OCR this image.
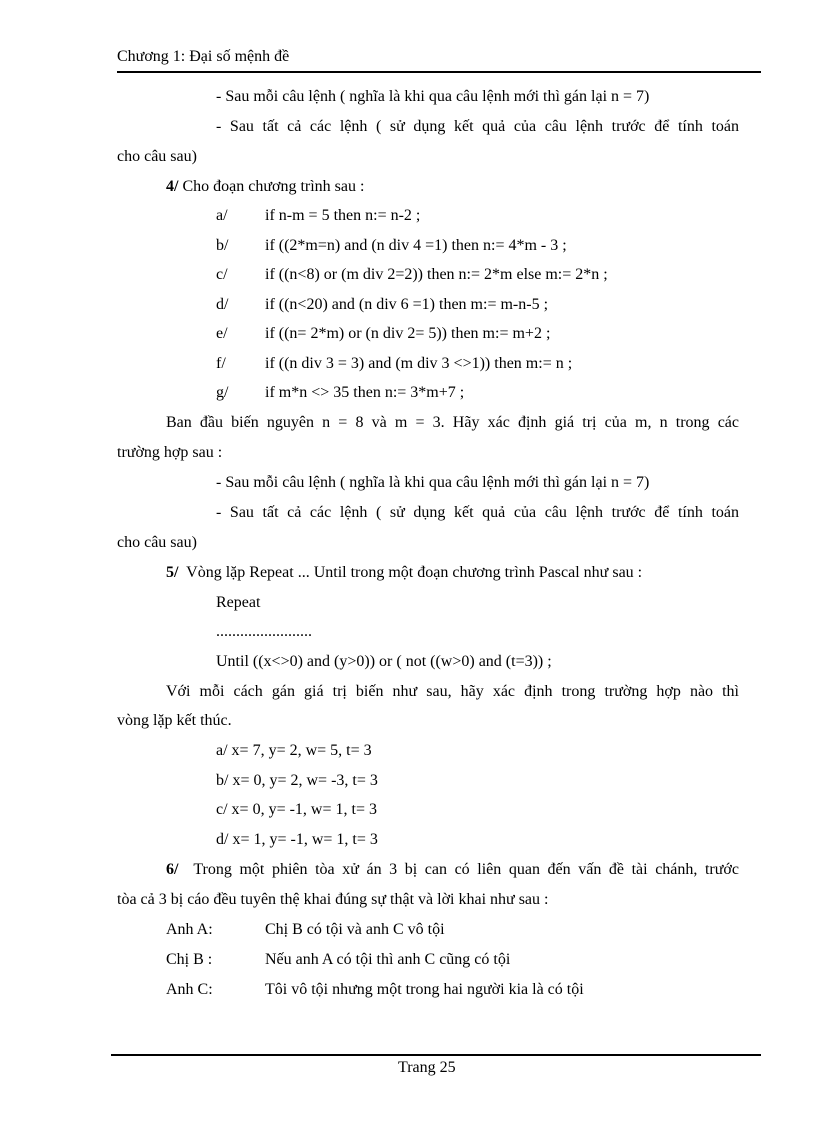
Chương 1: Đại số mệnh đề
- Sau mỗi câu lệnh ( nghĩa là khi qua câu lệnh mới thì gán lại n = 7)
- Sau tất cả các lệnh ( sử dụng kết quả của câu lệnh trước để tính toán
cho câu sau)
4/ Cho đoạn chương trình sau :
a/ if n-m = 5 then n:= n-2 ;
b/ if ((2*m=n) and (n div 4 =1) then n:= 4*m - 3 ;
c/ if ((n<8) or (m div 2=2)) then n:= 2*m else m:= 2*n ;
d/ if ((n<20) and (n div 6 =1) then m:= m-n-5 ;
e/ if ((n= 2*m) or (n div 2= 5)) then m:= m+2 ;
f/ if ((n div 3 = 3) and (m div 3 <>1)) then m:= n ;
g/ if m*n <> 35 then n:= 3*m+7 ;
Ban đầu biến nguyên n = 8 và m = 3. Hãy xác định giá trị của m, n trong các
trường hợp sau :
- Sau mỗi câu lệnh ( nghĩa là khi qua câu lệnh mới thì gán lại n = 7)
- Sau tất cả các lệnh ( sử dụng kết quả của câu lệnh trước để tính toán
cho câu sau)
5/ Vòng lặp Repeat ... Until trong một đoạn chương trình Pascal như sau :
Repeat
........................
Until ((x<>0) and (y>0)) or ( not ((w>0) and (t=3)) ;
Với mỗi cách gán giá trị biến như sau, hãy xác định trong trường hợp nào thì
vòng lặp kết thúc.
a/ x= 7, y= 2, w= 5, t= 3
b/ x= 0, y= 2, w= -3, t= 3
c/ x= 0, y= -1, w= 1, t= 3
d/ x= 1, y= -1, w= 1, t= 3
6/ Trong một phiên tòa xử án 3 bị can có liên quan đến vấn đề tài chánh, trước
tòa cả 3 bị cáo đều tuyên thệ khai đúng sự thật và lời khai như sau :
Anh A:	Chị B có tội và anh C vô tội
Chị B :	Nếu anh A có tội thì anh C cũng có tội
Anh C:	Tôi vô tội nhưng một trong hai người kia là có tội
Trang 25
